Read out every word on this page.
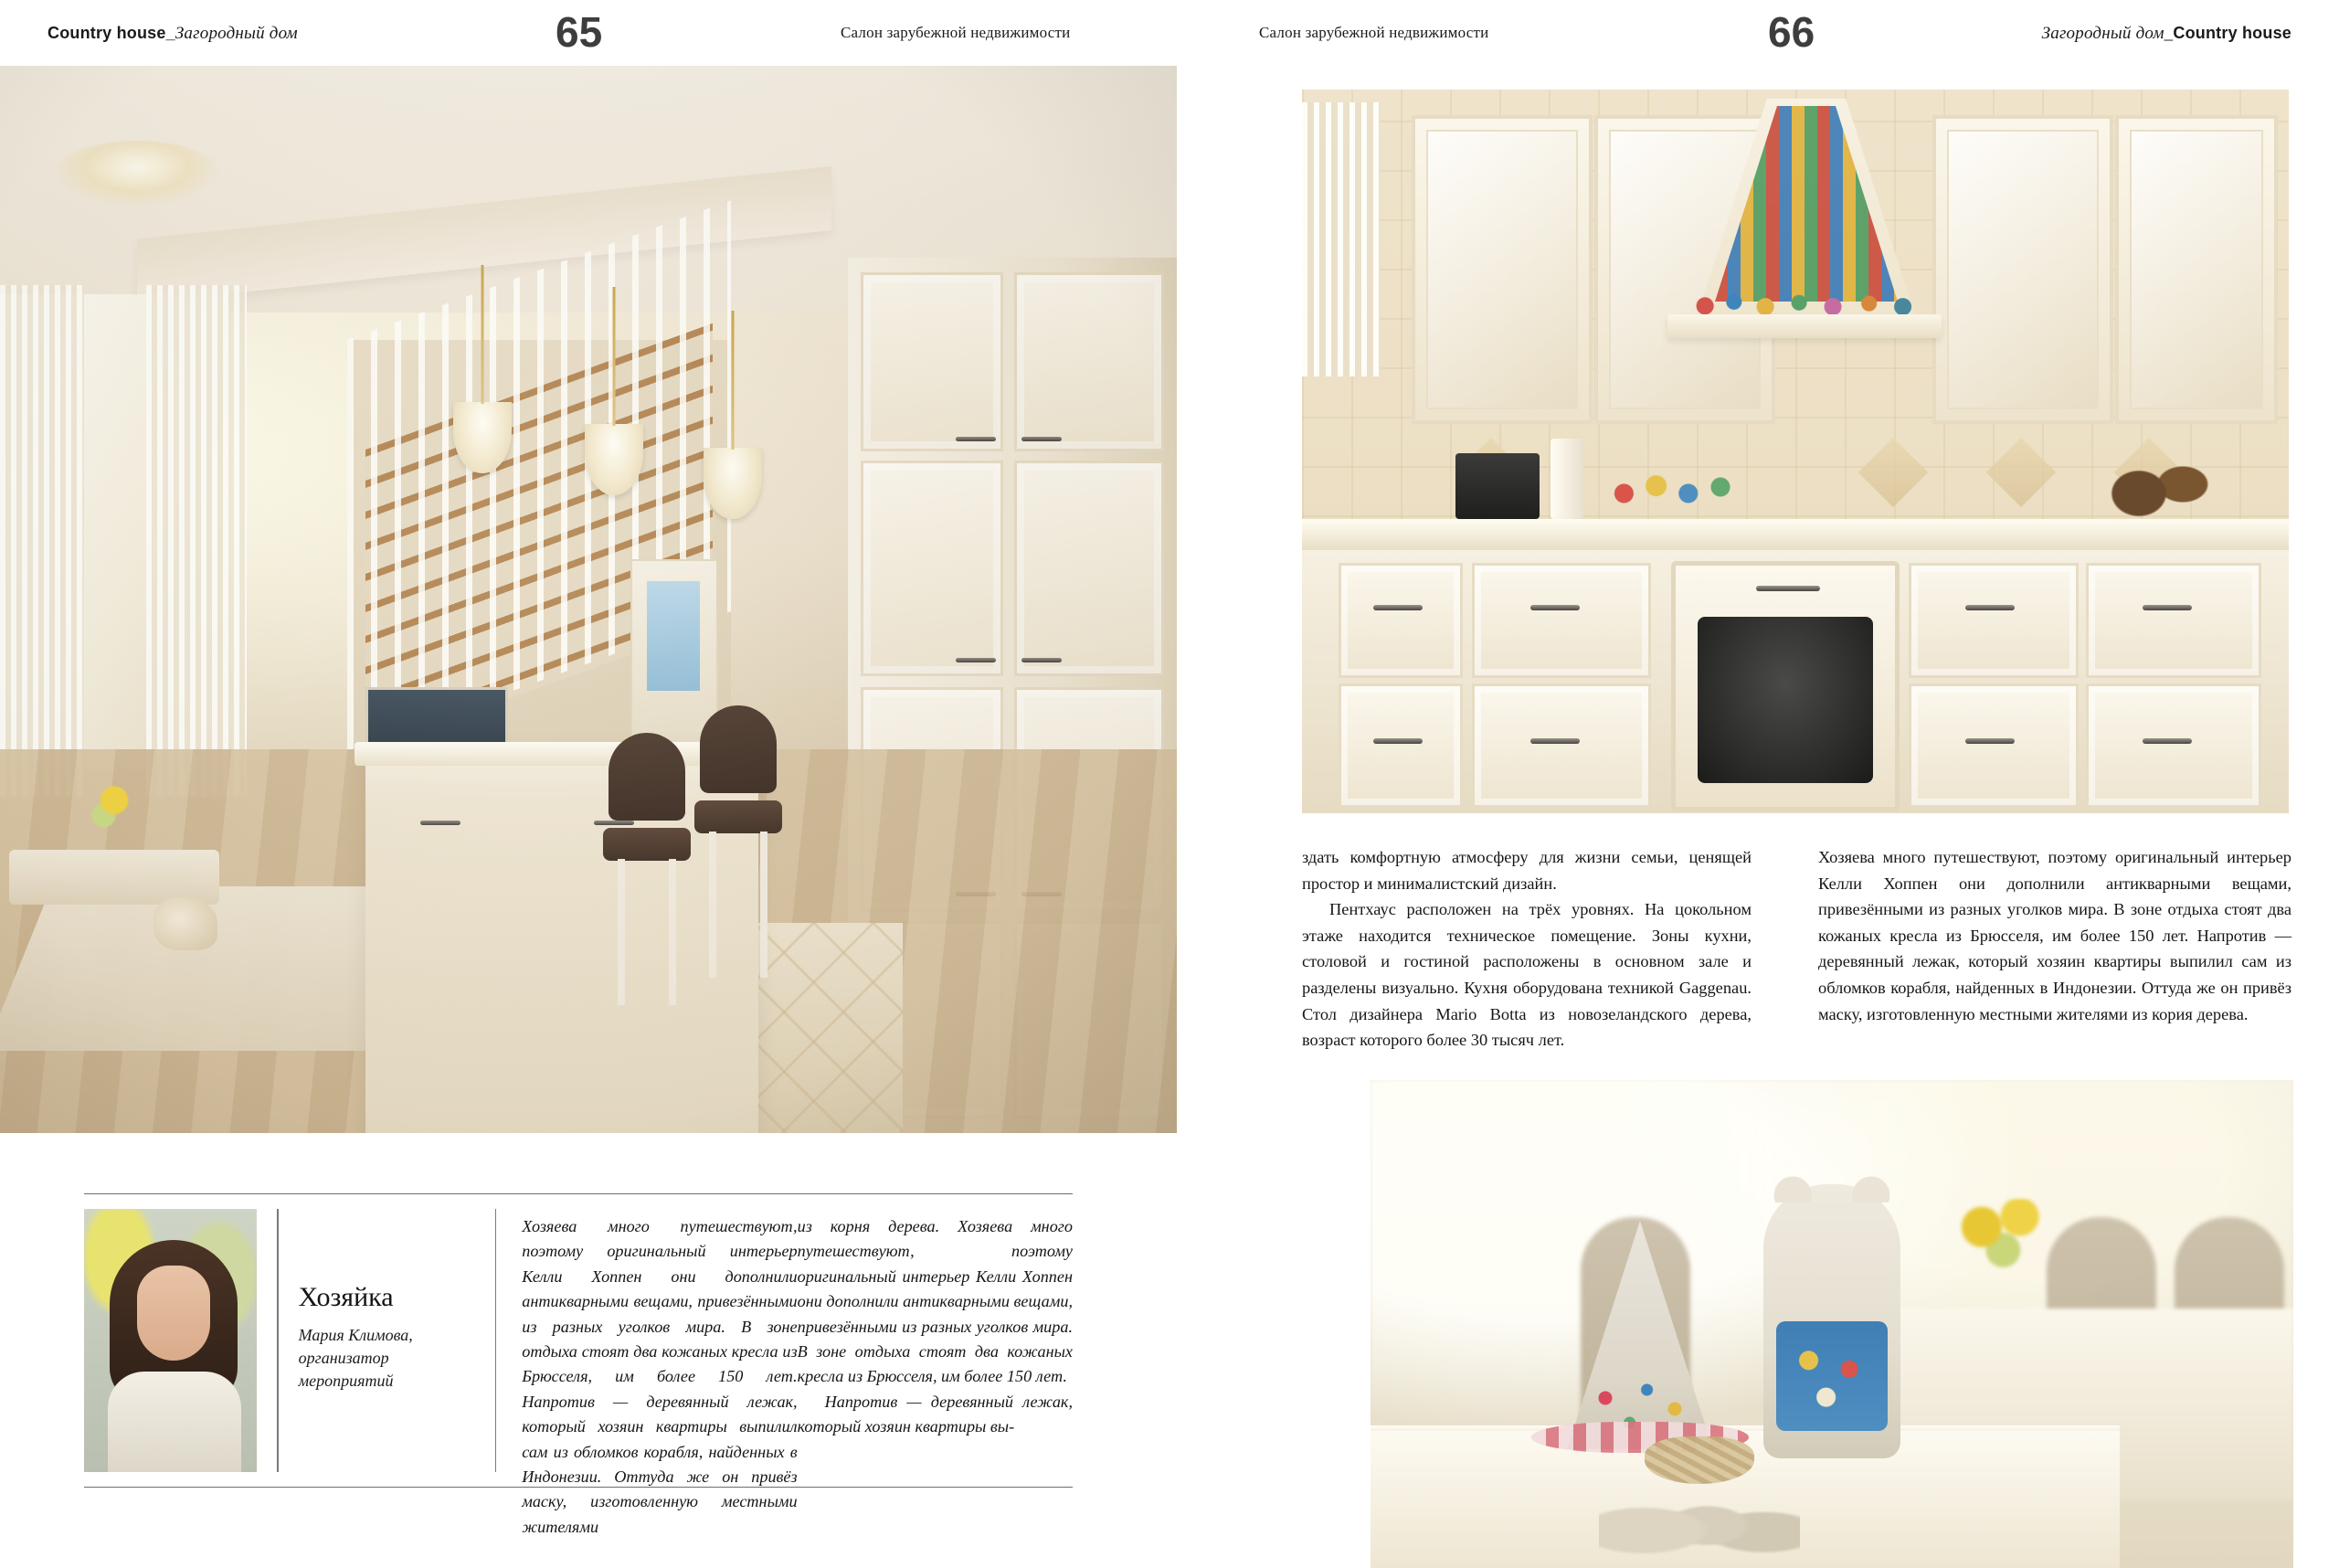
Country house_Загородный дом	65	Салон зарубежной недвижимости
Хозяйка
Мария Климова, организатор мероприятий

Хозяева много путешествуют, поэтому оригинальный интерьер Келли Хоппен они дополнили антикварными вещами, привезёнными из разных уголков мира. В зоне отдыха стоят два кожаных кресла из Брюсселя, им более 150 лет. Напротив — деревянный лежак, который хозяин квартиры выпилил сам из обломков корабля, найденных в Индонезии. Оттуда же он привёз маску, изготовленную местными жителями

из корня дерева. Хозяева много путешествуют, поэтому оригинальный интерьер Келли Хоппен они дополнили антикварными вещами, привезёнными из разных уголков мира. В зоне отдыха стоят два кожаных кресла из Брюсселя, им более 150 лет.

Напротив — деревянный лежак, который хозяин квартиры вы-

Салон зарубежной недвижимости	66	Загородный дом_Country house

здать комфортную атмосферу для жизни семьи, ценящей простор и минималистский дизайн.

Пентхаус расположен на трёх уровнях. На цокольном этаже находится техническое помещение. Зоны кухни, столовой и гостиной расположены в основном зале и разделены визуально. Кухня оборудована техникой Gaggenau. Стол дизайнера Mario Botta из новозеландского дерева, возраст которого более 30 тысяч лет.

Хозяева много путешествуют, поэтому оригинальный интерьер Келли Хоппен они дополнили антикварными вещами, привезёнными из разных уголков мира. В зоне отдыха стоят два кожаных кресла из Брюсселя, им более 150 лет. Напротив — деревянный лежак, который хозяин квартиры выпилил сам из обломков корабля, найденных в Индонезии. Оттуда же он привёз маску, изготовленную местными жителями из кория дерева.
